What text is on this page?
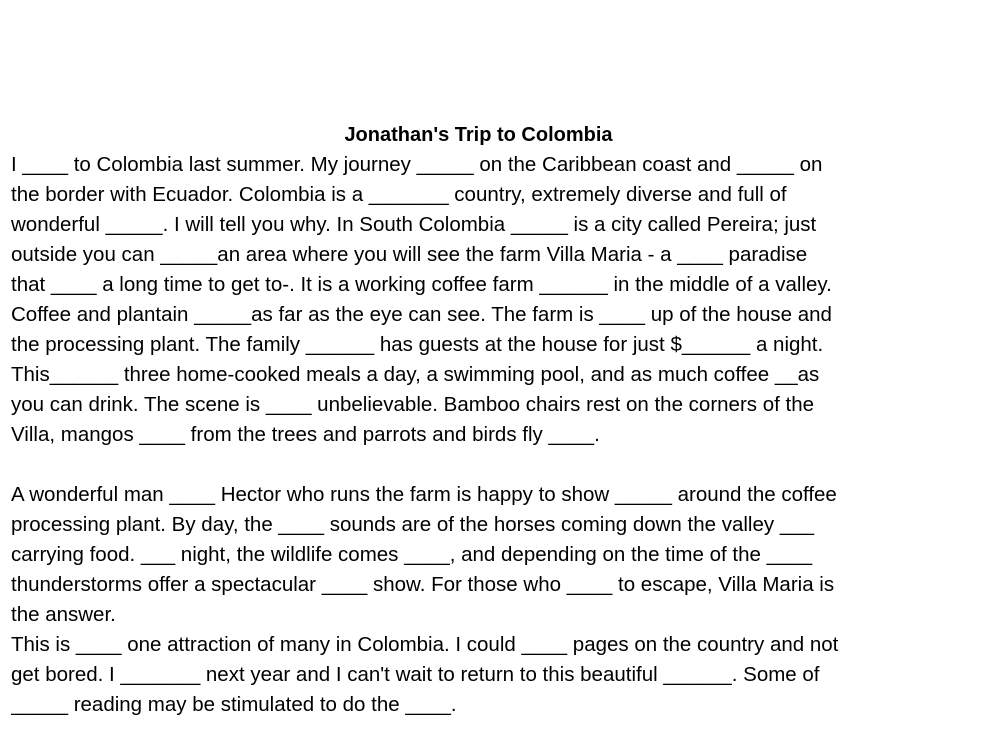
Jonathan's Trip to Colombia
I ____ to Colombia last summer. My journey _____ on the Caribbean coast and _____ on
the border with Ecuador. Colombia is a _______ country, extremely diverse and full of
wonderful _____. I will tell you why. In South Colombia _____ is a city called Pereira; just
outside you can _____an area where you will see the farm Villa Maria - a ____ paradise
that ____ a long time to get to-. It is a working coffee farm ______ in the middle of a valley.
Coffee and plantain _____as far as the eye can see. The farm is ____ up of the house and
the processing plant. The family ______ has guests at the house for just $______ a night.
This______ three home-cooked meals a day, a swimming pool, and as much coffee __as
you can drink. The scene is ____ unbelievable. Bamboo chairs rest on the corners of the
Villa, mangos ____ from the trees and parrots and birds fly ____.
A wonderful man ____ Hector who runs the farm is happy to show _____ around the coffee
processing plant. By day, the ____ sounds are of the horses coming down the valley ___
carrying food. ___ night, the wildlife comes ____, and depending on the time of the ____
thunderstorms offer a spectacular ____ show. For those who ____ to escape, Villa Maria is
the answer.
This is ____ one attraction of many in Colombia. I could ____ pages on the country and not
get bored. I _______ next year and I can't wait to return to this beautiful ______. Some of
_____ reading may be stimulated to do the ____.
